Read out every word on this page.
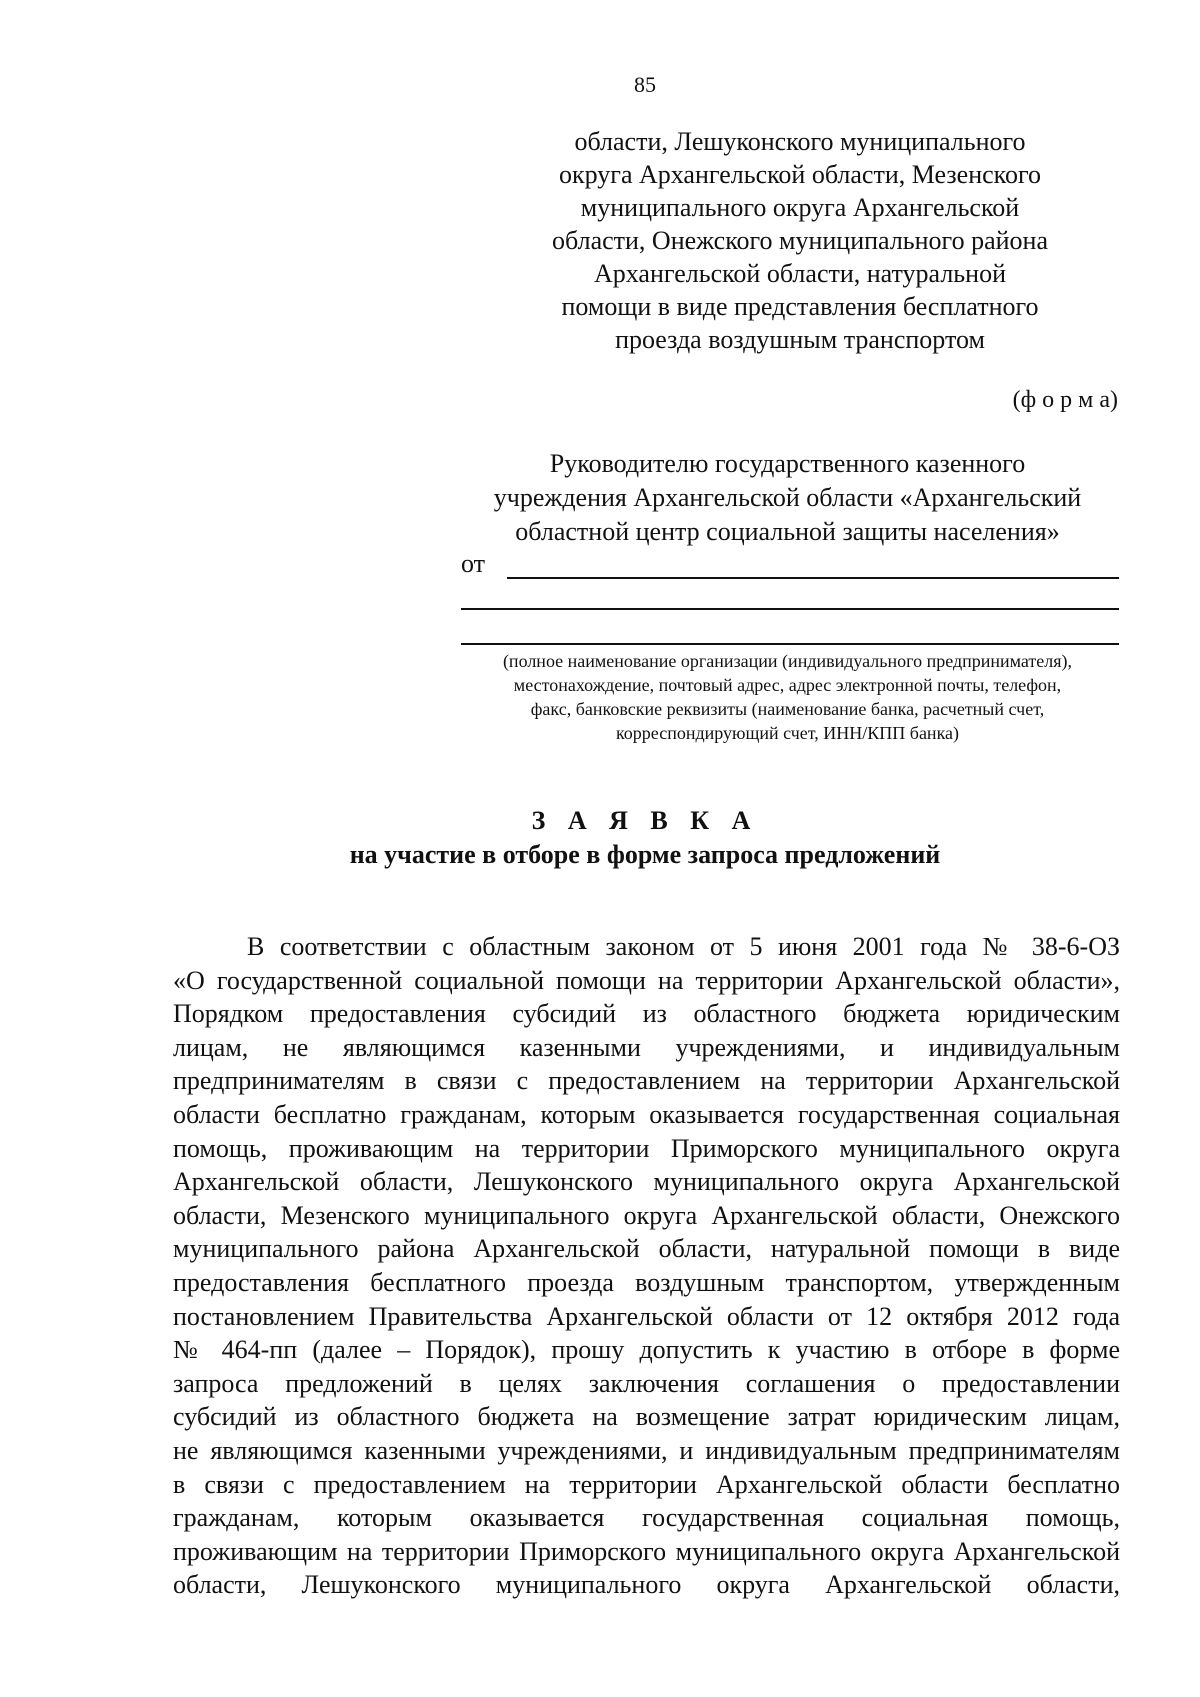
85
области, Лешуконского муниципального
округа Архангельской области, Мезенского
муниципального округа Архангельской
области, Онежского муниципального района
Архангельской области, натуральной
помощи в виде представления бесплатного
проезда воздушным транспортом
(ф о р м а)
Руководителю государственного казенного
учреждения Архангельской области «Архангельский
областной центр социальной защиты населения»
от
(полное наименование организации (индивидуального предпринимателя),
местонахождение, почтовый адрес, адрес электронной почты, телефон,
факс, банковские реквизиты (наименование банка, расчетный счет,
корреспондирующий счет, ИНН/КПП банка)
З А Я В К А
на участие в отборе в форме запроса предложений
В соответствии с областным законом от 5 июня 2001 года № 38-6-ОЗ
«О государственной социальной помощи на территории Архангельской области»,
Порядком предоставления субсидий из областного бюджета юридическим
лицам, не являющимся казенными учреждениями, и индивидуальным
предпринимателям в связи с предоставлением на территории Архангельской
области бесплатно гражданам, которым оказывается государственная социальная
помощь, проживающим на территории Приморского муниципального округа
Архангельской области, Лешуконского муниципального округа Архангельской
области, Мезенского муниципального округа Архангельской области, Онежского
муниципального района Архангельской области, натуральной помощи в виде
предоставления бесплатного проезда воздушным транспортом, утвержденным
постановлением Правительства Архангельской области от 12 октября 2012 года
№ 464-пп (далее – Порядок), прошу допустить к участию в отборе в форме
запроса предложений в целях заключения соглашения о предоставлении
субсидий из областного бюджета на возмещение затрат юридическим лицам,
не являющимся казенными учреждениями, и индивидуальным предпринимателям
в связи с предоставлением на территории Архангельской области бесплатно
гражданам, которым оказывается государственная социальная помощь,
проживающим на территории Приморского муниципального округа Архангельской
области, Лешуконского муниципального округа Архангельской области,
